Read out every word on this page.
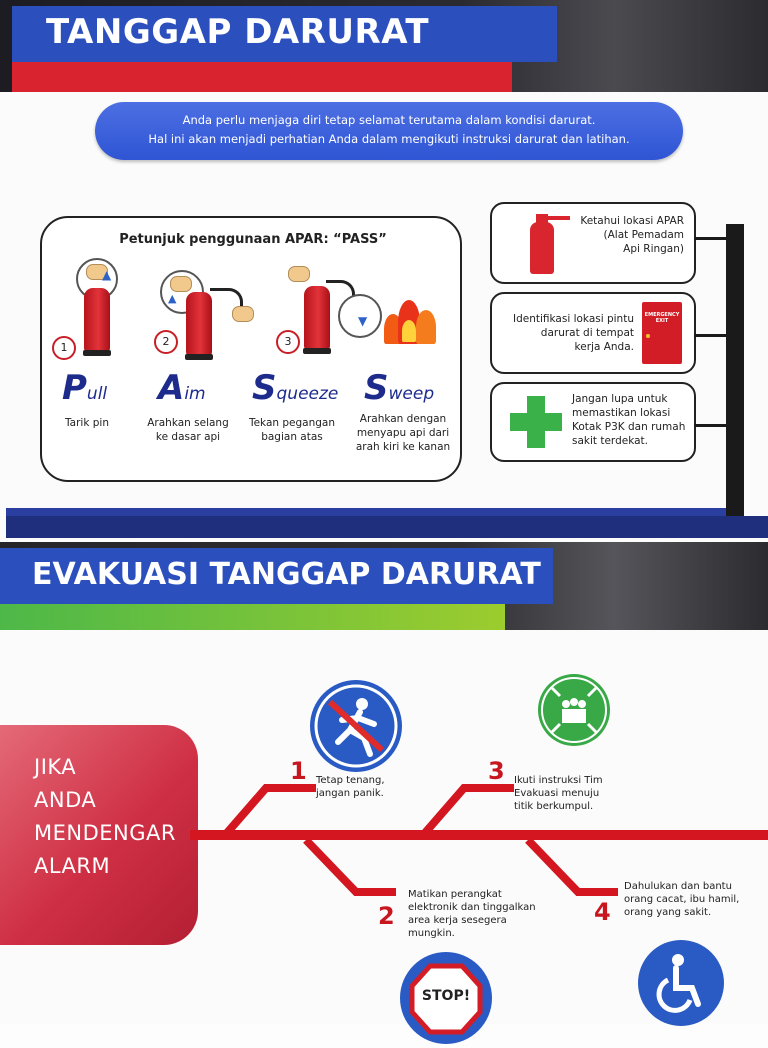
TANGGAP DARURAT
Anda perlu menjaga diri tetap selamat terutama dalam kondisi darurat.
Hal ini akan menjadi perhatian Anda dalam mengikuti instruksi darurat dan latihan.
Petunjuk penggunaan APAR: “PASS”
▲
1
▲
2
▼
3
Pull
Tarik pin
Aim
Arahkan selang
ke dasar api
Squeeze
Tekan pegangan
bagian atas
Sweep
Arahkan dengan
menyapu api dari
arah kiri ke kanan
Ketahui lokasi APAR
(Alat Pemadam
Api Ringan)
Identifikasi lokasi pintu
darurat di tempat
kerja Anda.
EMERGENCY
EXIT
Jangan lupa untuk
memastikan lokasi
Kotak P3K dan rumah
sakit terdekat.
EVAKUASI TANGGAP DARURAT
JIKA
ANDA
MENDENGAR
ALARM
1 Tetap tenang,
jangan panik.
3 Ikuti instruksi Tim
Evakuasi menuju
titik berkumpul.
2
Matikan perangkat
elektronik dan tinggalkan
area kerja sesegera
mungkin.
STOP!
4
Dahulukan dan bantu
orang cacat, ibu hamil,
orang yang sakit.
